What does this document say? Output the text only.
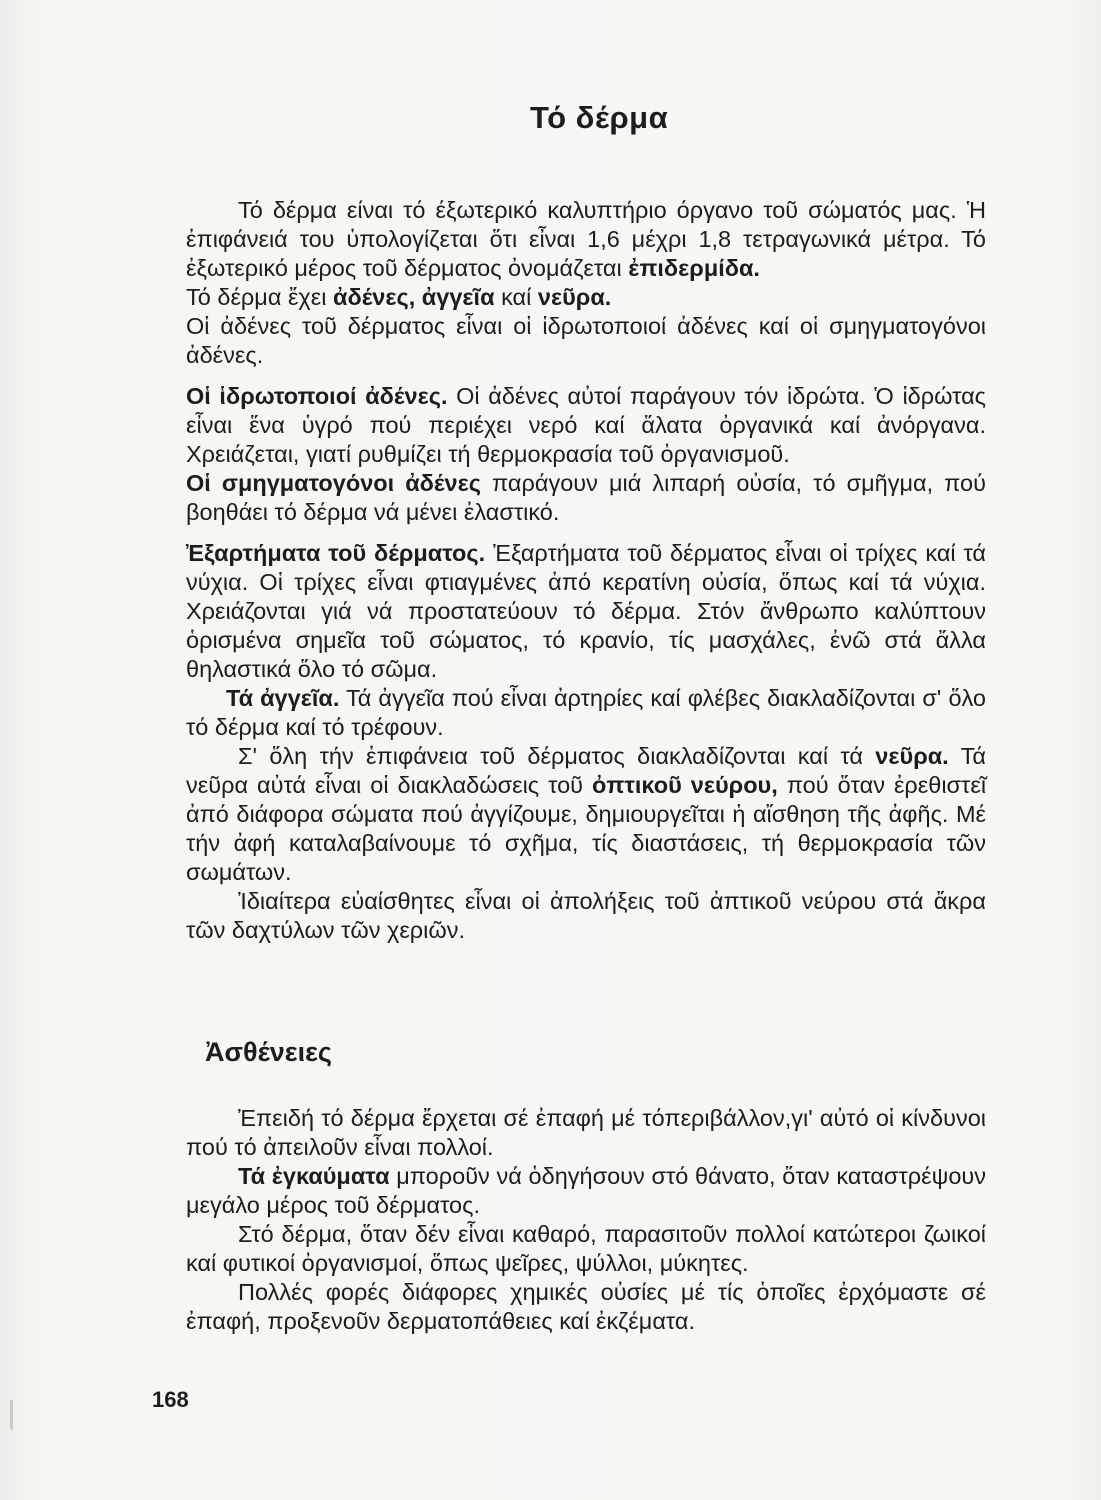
Τό δέρμα

Τό δέρμα είναι τό έξωτερικό καλυπτήριο όργανο τοῦ σώματός μας. Ἡ ἐπιφάνειά του ὑπολογίζεται ὅτι εἶναι 1,6 μέχρι 1,8 τετραγωνικά μέτρα. Τό ἐξωτερικό μέρος τοῦ δέρματος ὀνομάζεται ἐπιδερμίδα.

Τό δέρμα ἔχει ἀδένες, ἀγγεῖα καί νεῦρα.

Οἱ ἀδένες τοῦ δέρματος εἶναι οἱ ἱδρωτοποιοί ἀδένες καί οἱ σμηγματογόνοι ἀδένες.

Οἱ ἱδρωτοποιοί ἀδένες. Οἱ ἀδένες αὐτοί παράγουν τόν ἱδρώτα. Ὁ ἱδρώτας εἶναι ἕνα ὑγρό πού περιέχει νερό καί ἅλατα ὀργανικά καί ἀνόργανα. Χρειάζεται, γιατί ρυθμίζει τή θερμοκρασία τοῦ ὀργανισμοῦ.

Οἱ σμηγματογόνοι ἀδένες παράγουν μιά λιπαρή οὐσία, τό σμῆγμα, πού βοηθάει τό δέρμα νά μένει ἐλαστικό.

Ἐξαρτήματα τοῦ δέρματος. Ἐξαρτήματα τοῦ δέρματος εἶναι οἱ τρίχες καί τά νύχια. Οἱ τρίχες εἶναι φτιαγμένες ἀπό κερατίνη οὐσία, ὅπως καί τά νύχια. Χρειάζονται γιά νά προστατεύουν τό δέρμα. Στόν ἄνθρωπο καλύπτουν ὁρισμένα σημεῖα τοῦ σώματος, τό κρανίο, τίς μασχάλες, ἐνῶ στά ἄλλα θηλαστικά ὅλο τό σῶμα.

Τά ἀγγεῖα. Τά ἀγγεῖα πού εἶναι ἀρτηρίες καί φλέβες διακλαδίζονται σ' ὅλο τό δέρμα καί τό τρέφουν.

Σ' ὅλη τήν ἐπιφάνεια τοῦ δέρματος διακλαδίζονται καί τά νεῦρα. Τά νεῦρα αὐτά εἶναι οἱ διακλαδώσεις τοῦ ὀπτικοῦ νεύρου, πού ὅταν ἐρεθιστεῖ ἀπό διάφορα σώματα πού ἀγγίζουμε, δημιουργεῖται ἡ αἴσθηση τῆς ἀφῆς. Μέ τήν ἀφή καταλαβαίνουμε τό σχῆμα, τίς διαστάσεις, τή θερμοκρασία τῶν σωμάτων.

Ἰδιαίτερα εὐαίσθητες εἶναι οἱ ἀπολήξεις τοῦ ἀπτικοῦ νεύρου στά ἄκρα τῶν δαχτύλων τῶν χεριῶν.

Ἀσθένειες

Ἐπειδή τό δέρμα ἔρχεται σέ ἐπαφή μέ τόπεριβάλλον,γι' αὐτό οἱ κίνδυνοι πού τό ἀπειλοῦν εἶναι πολλοί.

Τά ἐγκαύματα μποροῦν νά ὁδηγήσουν στό θάνατο, ὅταν καταστρέψουν μεγάλο μέρος τοῦ δέρματος.

Στό δέρμα, ὅταν δέν εἶναι καθαρό, παρασιτοῦν πολλοί κατώτεροι ζωικοί καί φυτικοί ὀργανισμοί, ὅπως ψεῖρες, ψύλλοι, μύκητες.

Πολλές φορές διάφορες χημικές οὐσίες μέ τίς ὁποῖες ἐρχόμαστε σέ ἐπαφή, προξενοῦν δερματοπάθειες καί ἐκζέματα.

168
